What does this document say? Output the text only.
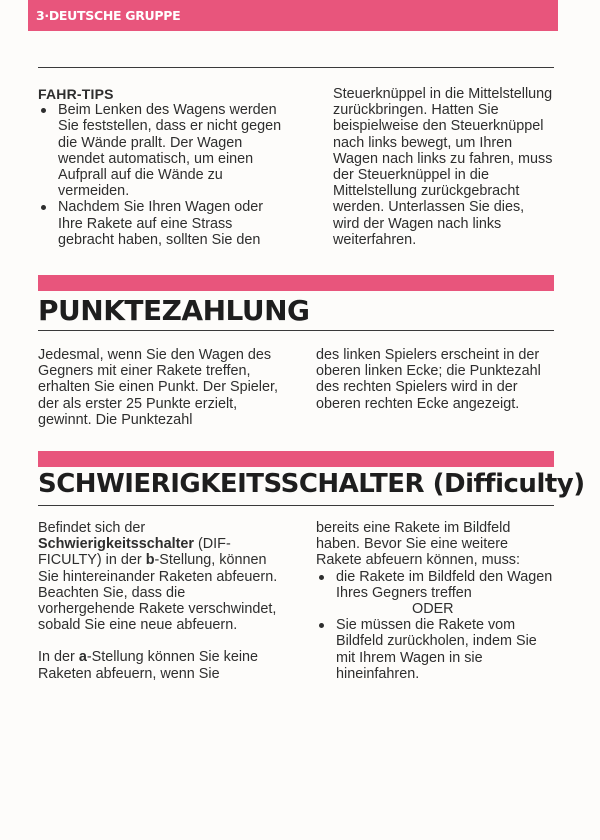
3·DEUTSCHE GRUPPE

FAHR-TIPS

Beim Lenken des Wagens werden Sie feststellen, dass er nicht gegen die Wände prallt. Der Wagen wendet automatisch, um einen Aufprall auf die Wände zu vermeiden.
Nachdem Sie Ihren Wagen oder Ihre Rakete auf eine Strass gebracht haben, sollten Sie den

Steuerknüppel in die Mittelstellung zurückbringen. Hatten Sie beispielweise den Steuerknüppel nach links bewegt, um Ihren Wagen nach links zu fahren, muss der Steuerknüppel in die Mittelstellung zurückgebracht werden. Unterlassen Sie dies, wird der Wagen nach links weiterfahren.

PUNKTEZAHLUNG

Jedesmal, wenn Sie den Wagen des Gegners mit einer Rakete treffen, erhalten Sie einen Punkt. Der Spieler, der als erster 25 Punkte erzielt, gewinnt. Die Punktezahl

des linken Spielers erscheint in der oberen linken Ecke; die Punktezahl des rechten Spielers wird in der oberen rechten Ecke angezeigt.

SCHWIERIGKEITSSCHALTER (Difficulty)

Befindet sich der Schwierigkeitsschalter (DIF-FICULTY) in der b-Stellung, können Sie hintereinander Raketen abfeuern. Beachten Sie, dass die vorhergehende Rakete verschwindet, sobald Sie eine neue abfeuern.

In der a-Stellung können Sie keine Raketen abfeuern, wenn Sie

bereits eine Rakete im Bildfeld haben. Bevor Sie eine weitere Rakete abfeuern können, muss:

die Rakete im Bildfeld den Wagen Ihres Gegners treffen
ODER
Sie müssen die Rakete vom Bildfeld zurückholen, indem Sie mit Ihrem Wagen in sie hineinfahren.
